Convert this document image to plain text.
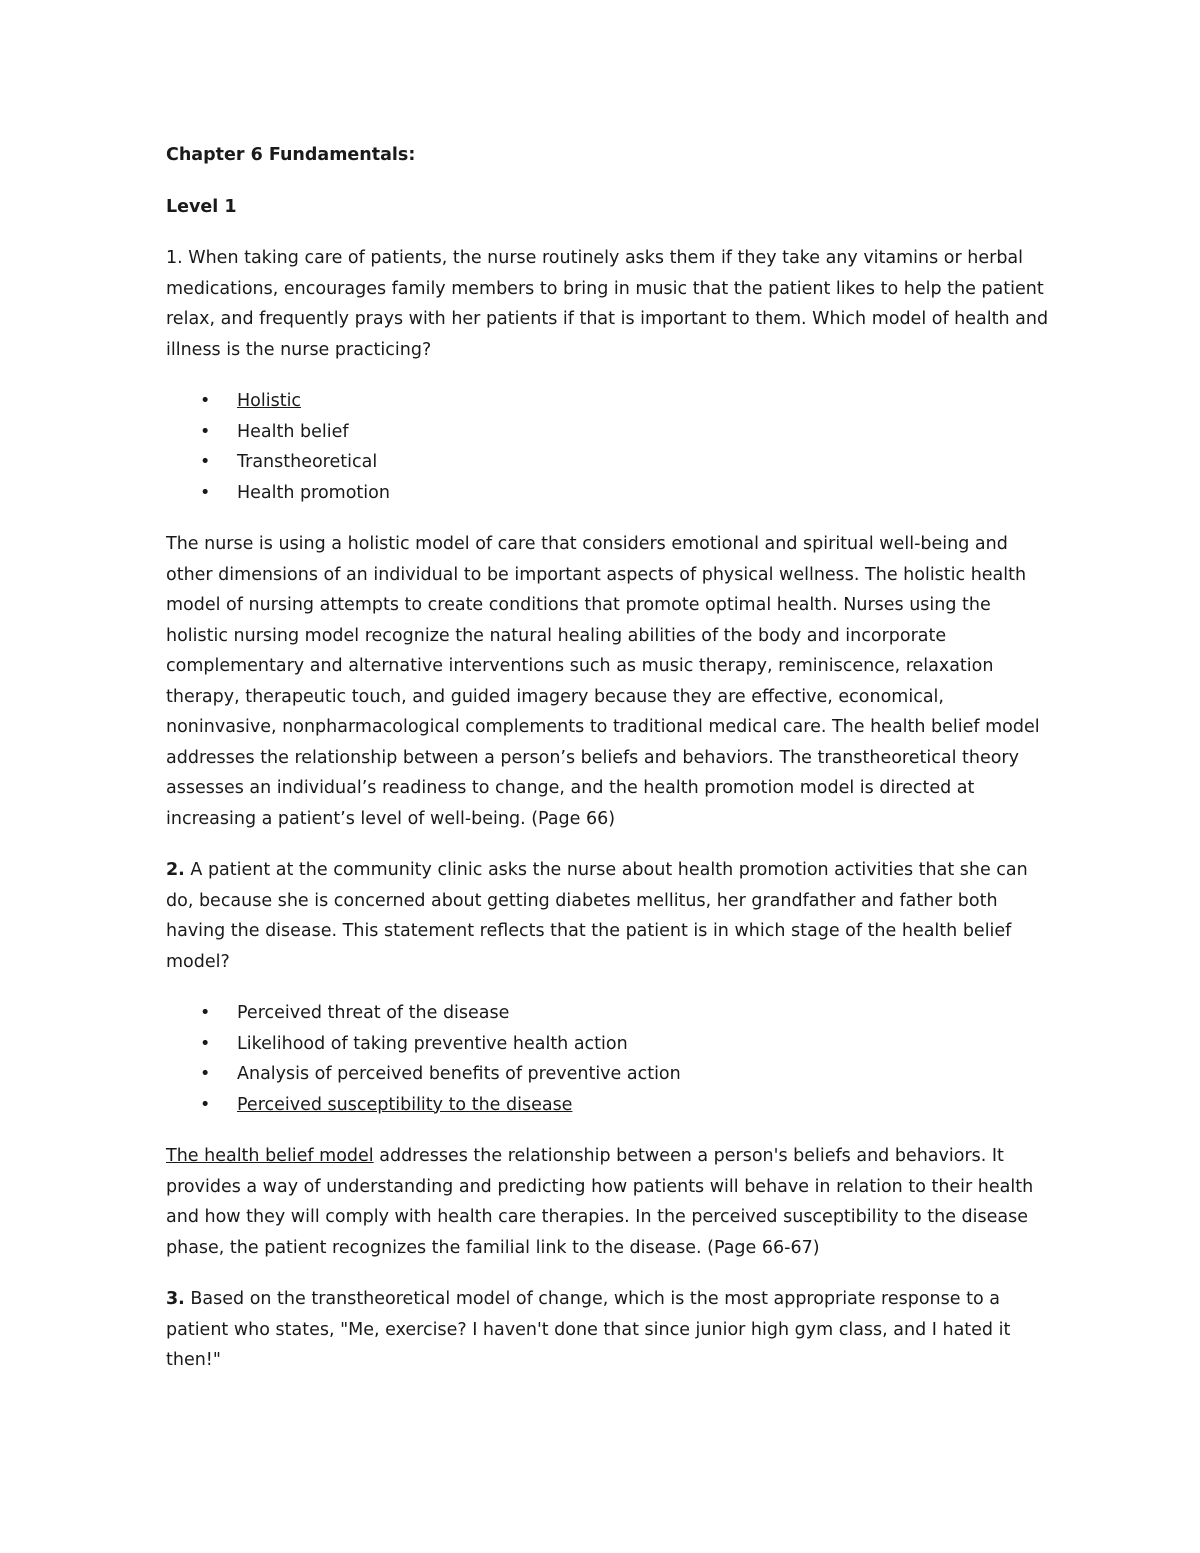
Chapter 6 Fundamentals:

Level 1

1. When taking care of patients, the nurse routinely asks them if they take any vitamins or herbal medications, encourages family members to bring in music that the patient likes to help the patient relax, and frequently prays with her patients if that is important to them. Which model of health and illness is the nurse practicing?

• Holistic
• Health belief
• Transtheoretical
• Health promotion

The nurse is using a holistic model of care that considers emotional and spiritual well-being and other dimensions of an individual to be important aspects of physical wellness. The holistic health model of nursing attempts to create conditions that promote optimal health. Nurses using the holistic nursing model recognize the natural healing abilities of the body and incorporate complementary and alternative interventions such as music therapy, reminiscence, relaxation therapy, therapeutic touch, and guided imagery because they are effective, economical, noninvasive, nonpharmacological complements to traditional medical care. The health belief model addresses the relationship between a person’s beliefs and behaviors. The transtheoretical theory assesses an individual’s readiness to change, and the health promotion model is directed at increasing a patient’s level of well-being. (Page 66)

2. A patient at the community clinic asks the nurse about health promotion activities that she can do, because she is concerned about getting diabetes mellitus, her grandfather and father both having the disease. This statement reflects that the patient is in which stage of the health belief model?

• Perceived threat of the disease
• Likelihood of taking preventive health action
• Analysis of perceived benefits of preventive action
• Perceived susceptibility to the disease

The health belief model addresses the relationship between a person's beliefs and behaviors. It provides a way of understanding and predicting how patients will behave in relation to their health and how they will comply with health care therapies. In the perceived susceptibility to the disease phase, the patient recognizes the familial link to the disease. (Page 66-67)

3. Based on the transtheoretical model of change, which is the most appropriate response to a patient who states, "Me, exercise? I haven't done that since junior high gym class, and I hated it then!"
